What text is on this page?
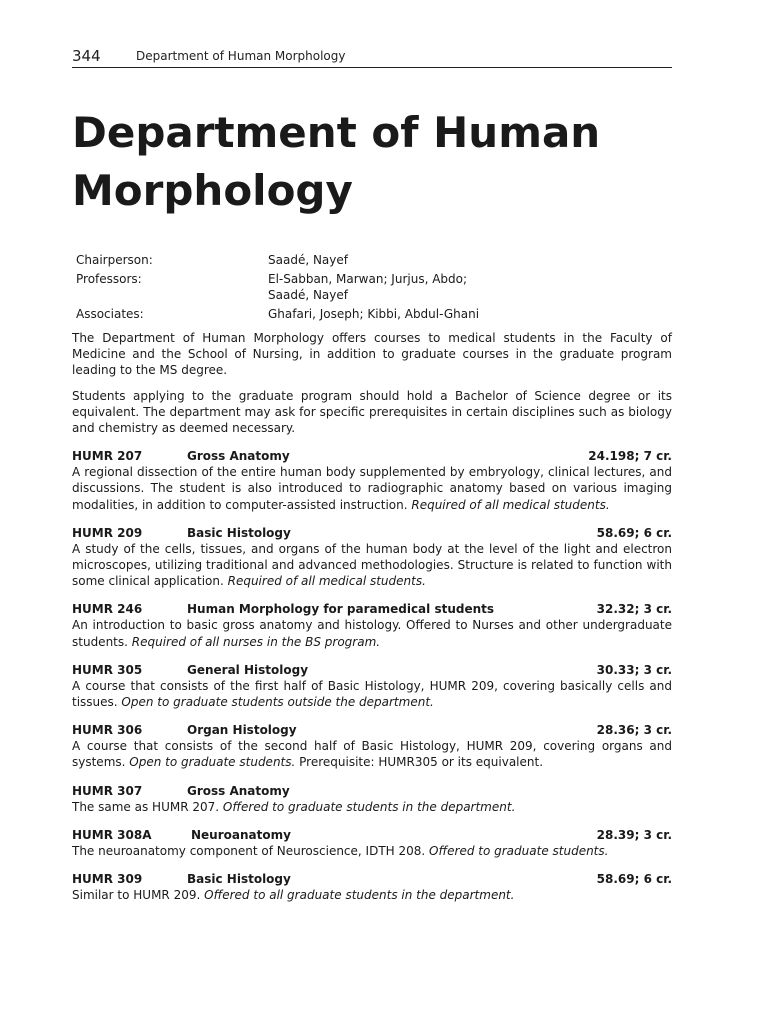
344	Department of Human Morphology
Department of Human Morphology
Chairperson:	Saadé, Nayef
Professors:	El-Sabban, Marwan; Jurjus, Abdo;
Saadé, Nayef
Associates:	Ghafari, Joseph; Kibbi, Abdul-Ghani

The Department of Human Morphology offers courses to medical students in the Faculty of Medicine and the School of Nursing, in addition to graduate courses in the graduate program leading to the MS degree.

Students applying to the graduate program should hold a Bachelor of Science degree or its equivalent. The department may ask for specific prerequisites in certain disciplines such as biology and chemistry as deemed necessary.

HUMR 207	Gross Anatomy	24.198; 7 cr.

A regional dissection of the entire human body supplemented by embryology, clinical lectures, and discussions. The student is also introduced to radiographic anatomy based on various imaging modalities, in addition to computer-assisted instruction. Required of all medical students.

HUMR 209	Basic Histology	58.69; 6 cr.

A study of the cells, tissues, and organs of the human body at the level of the light and electron microscopes, utilizing traditional and advanced methodologies. Structure is related to function with some clinical application. Required of all medical students.

HUMR 246	Human Morphology for paramedical students	32.32; 3 cr.

An introduction to basic gross anatomy and histology. Offered to Nurses and other undergraduate students. Required of all nurses in the BS program.

HUMR 305	General Histology	30.33; 3 cr.

A course that consists of the first half of Basic Histology, HUMR 209, covering basically cells and tissues. Open to graduate students outside the department.

HUMR 306	Organ Histology	28.36; 3 cr.

A course that consists of the second half of Basic Histology, HUMR 209, covering organs and systems. Open to graduate students. Prerequisite: HUMR305 or its equivalent.

HUMR 307	Gross Anatomy

The same as HUMR 207. Offered to graduate students in the department.

HUMR 308A	Neuroanatomy	28.39; 3 cr.

The neuroanatomy component of Neuroscience, IDTH 208. Offered to graduate students.

HUMR 309	Basic Histology	58.69; 6 cr.

Similar to HUMR 209. Offered to all graduate students in the department.
